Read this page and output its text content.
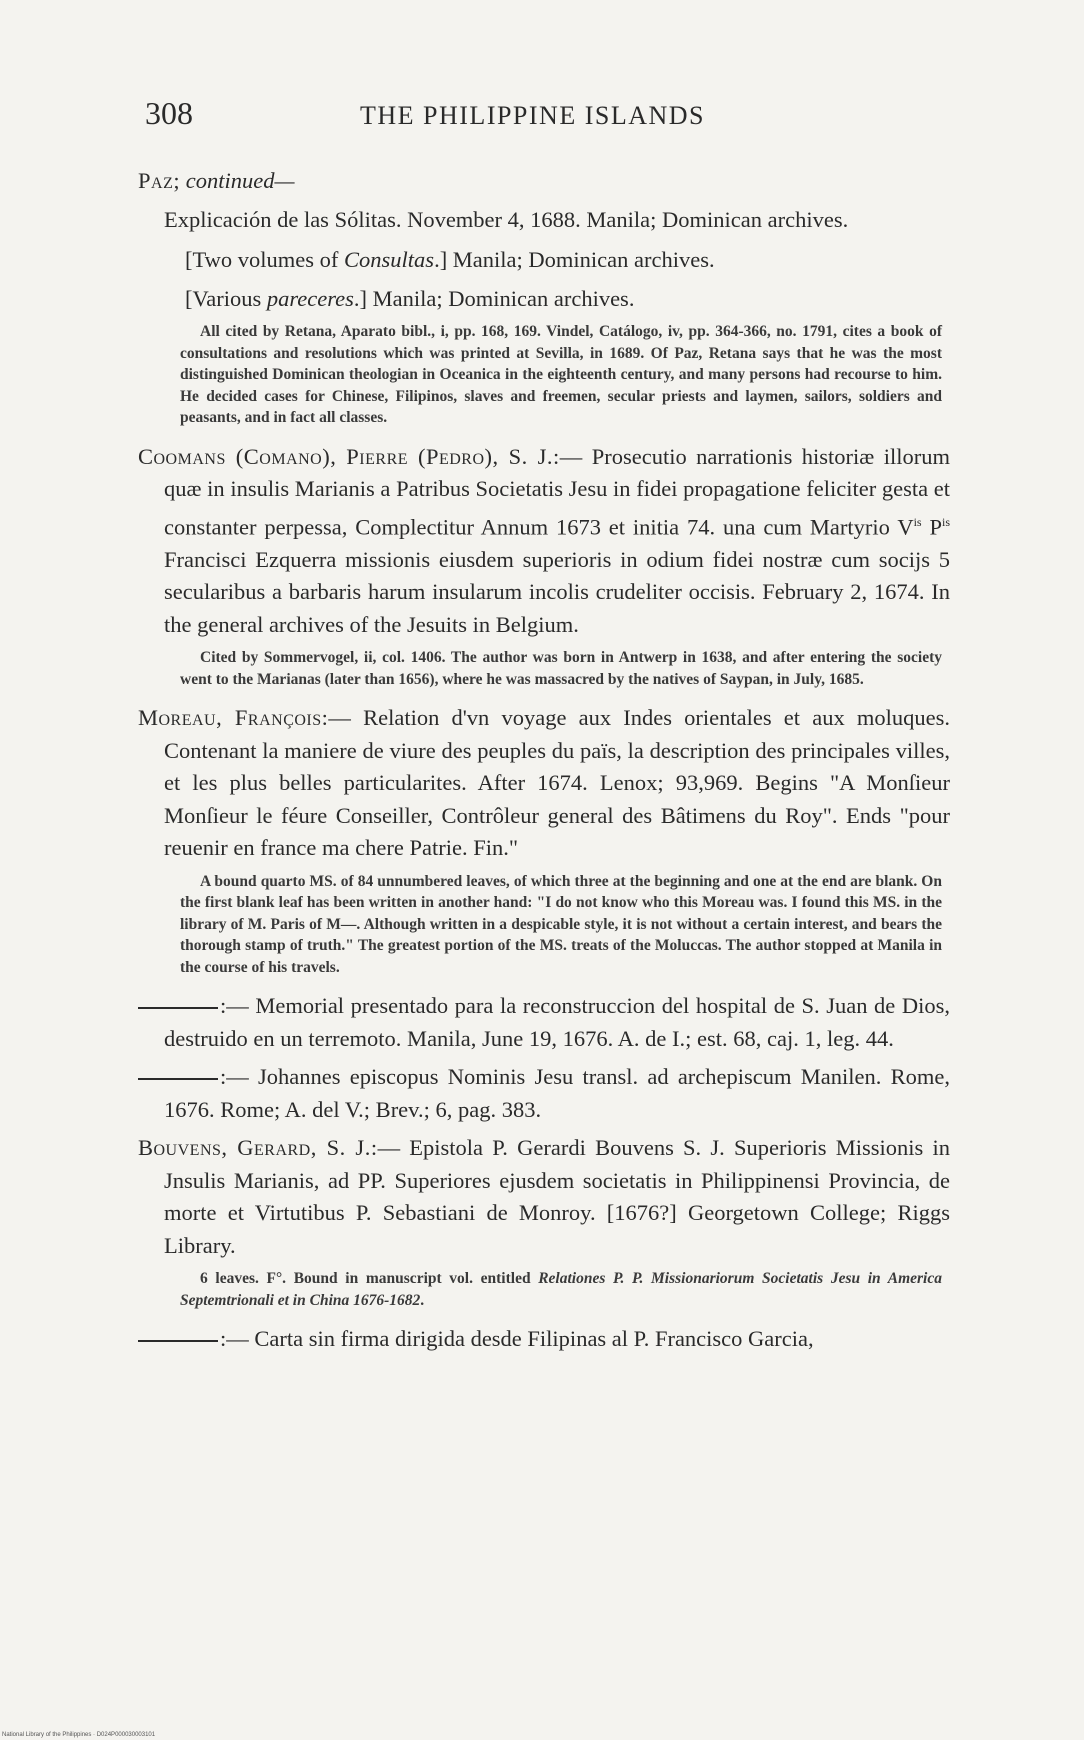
308	THE PHILIPPINE ISLANDS

Paz; continued—

Explicación de las Sólitas. November 4, 1688. Manila; Dominican archives.

[Two volumes of Consultas.] Manila; Dominican archives.

[Various pareceres.] Manila; Dominican archives.

All cited by Retana, Aparato bibl., i, pp. 168, 169. Vindel, Catálogo, iv, pp. 364-366, no. 1791, cites a book of consultations and resolutions which was printed at Sevilla, in 1689. Of Paz, Retana says that he was the most distinguished Dominican theologian in Oceanica in the eighteenth century, and many persons had recourse to him. He decided cases for Chinese, Filipinos, slaves and freemen, secular priests and laymen, sailors, soldiers and peasants, and in fact all classes.

Coomans (Comano), Pierre (Pedro), S. J.:— Prosecutio narrationis historiæ illorum quæ in insulis Marianis a Patribus Societatis Jesu in fidei propagatione feliciter gesta et constanter perpessa, Complectitur Annum 1673 et initia 74. una cum Martyrio $V^{is}$ $P^{is}$ Francisci Ezquerra missionis eiusdem superioris in odium fidei nostræ cum socijs 5 secularibus a barbaris harum insularum incolis crudeliter occisis. February 2, 1674. In the general archives of the Jesuits in Belgium.

Cited by Sommervogel, ii, col. 1406. The author was born in Antwerp in 1638, and after entering the society went to the Marianas (later than 1656), where he was massacred by the natives of Saypan, in July, 1685.

Moreau, François:— Relation d'vn voyage aux Indes orientales et aux moluques. Contenant la maniere de viure des peuples du païs, la description des principales villes, et les plus belles particularites. After 1674. Lenox; 93,969. Begins "A Monſieur Monſieur le féure Conseiller, Contrôleur general des Bâtimens du Roy". Ends "pour reuenir en france ma chere Patrie. Fin."

A bound quarto MS. of 84 unnumbered leaves, of which three at the beginning and one at the end are blank. On the first blank leaf has been written in another hand: "I do not know who this Moreau was. I found this MS. in the library of M. Paris of M—. Although written in a despicable style, it is not without a certain interest, and bears the thorough stamp of truth." The greatest portion of the MS. treats of the Moluccas. The author stopped at Manila in the course of his travels.

:— Memorial presentado para la reconstruccion del hospital de S. Juan de Dios, destruido en un terremoto. Manila, June 19, 1676. A. de I.; est. 68, caj. 1, leg. 44.

:— Johannes episcopus Nominis Jesu transl. ad archepiscum Manilen. Rome, 1676. Rome; A. del V.; Brev.; 6, pag. 383.

Bouvens, Gerard, S. J.:— Epistola P. Gerardi Bouvens S. J. Superioris Missionis in Jnsulis Marianis, ad PP. Superiores ejusdem societatis in Philippinensi Provincia, de morte et Virtutibus P. Sebastiani de Monroy. [1676?] Georgetown College; Riggs Library.

6 leaves. F°. Bound in manuscript vol. entitled Relationes P. P. Missionariorum Societatis Jesu in America Septemtrionali et in China 1676-1682.

:— Carta sin firma dirigida desde Filipinas al P. Francisco Garcia,

National Library of the Philippines · D024P000030003101
